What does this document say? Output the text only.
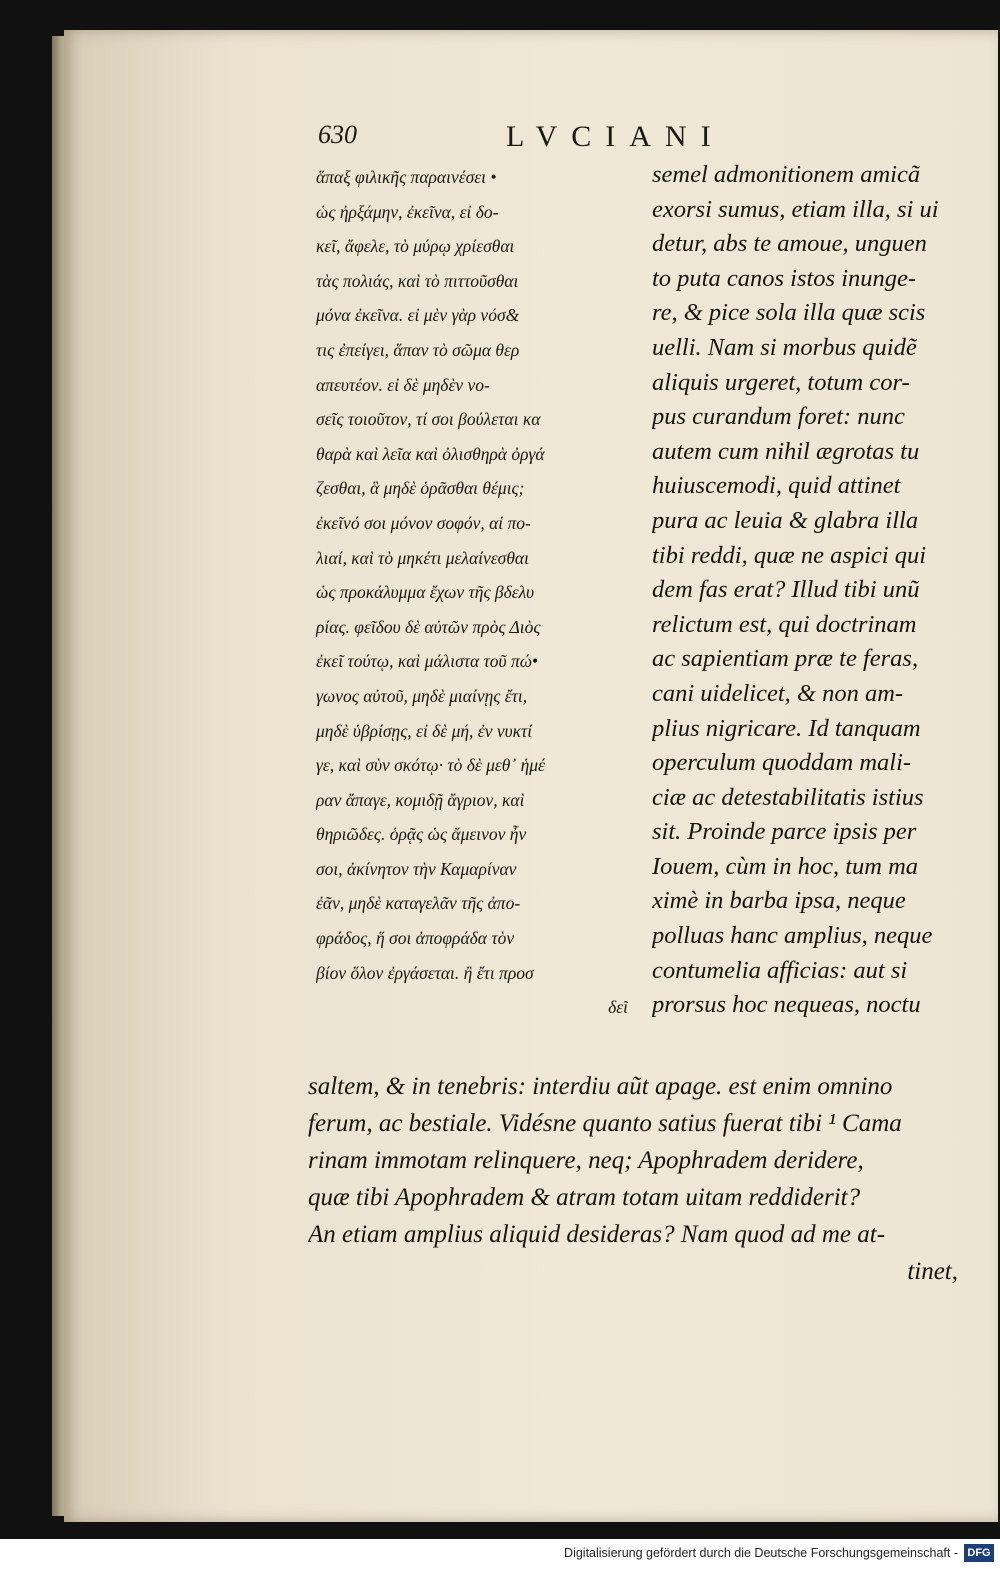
630	LVCIANI
ἅπαξ φιλικῆς παραινέσει •
ὡς ἠρξάμην, ἐκεῖνα, εἰ δο-
κεῖ, ἄφελε, τὸ μύρῳ χρίεσθαι
τὰς πολιάς, καὶ τὸ πιττοῦσθαι
μόνα ἐκεῖνα. εἰ μὲν γὰρ νόσ&
τις ἐπείγει, ἅπαν τὸ σῶμα θερ
απευτέον. εἰ δὲ μηδὲν νο-
σεῖς τοιοῦτον, τί σοι βούλεται κα
θαρὰ καὶ λεῖα καὶ ὀλισθηρὰ ὀργά
ζεσθαι, ἃ μηδὲ ὁρᾶσθαι θέμις;
ἐκεῖνό σοι μόνον σοφόν, αἱ πο-
λιαί, καὶ τὸ μηκέτι μελαίνεσθαι
ὡς προκάλυμμα ἔχων τῆς βδελυ
ρίας. φεῖδου δὲ αὐτῶν πρὸς Διὸς
ἐκεῖ τούτῳ, καὶ μάλιστα τοῦ πώ•
γωνος αὐτοῦ, μηδὲ μιαίνῃς ἔτι,
μηδὲ ὑβρίσῃς, εἰ δὲ μή, ἐν νυκτί
γε, καὶ σὺν σκότῳ· τὸ δὲ μεθ᾽ ἡμέ
ραν ἄπαγε, κομιδῇ ἄγριον, καὶ
θηριῶδες. ὁρᾷς ὡς ἄμεινον ἦν
σοι, ἀκίνητον τὴν Καμαρίναν
ἐᾶν, μηδὲ καταγελᾶν τῆς ἀπο-
φράδος, ἥ σοι ἀποφράδα τὸν
βίον ὅλον ἐργάσεται. ἢ ἔτι προσ
δεῖ
semel admonitionem amicã
exorsi sumus, etiam illa, si ui
detur, abs te amoue, unguen
to puta canos istos inunge-
re, & pice sola illa quæ scis
uelli. Nam si morbus quidẽ
aliquis urgeret, totum cor-
pus curandum foret: nunc
autem cum nihil ægrotas tu
huiuscemodi, quid attinet
pura ac leuia & glabra illa
tibi reddi, quæ ne aspici qui
dem fas erat? Illud tibi unũ
relictum est, qui doctrinam
ac sapientiam præ te feras,
cani uidelicet, & non am-
plius nigricare. Id tanquam
operculum quoddam mali-
ciæ ac detestabilitatis istius
sit. Proinde parce ipsis per
Iouem, cùm in hoc, tum ma
ximè in barba ipsa, neque
polluas hanc amplius, neque
contumelia afficias: aut si
prorsus hoc nequeas, noctu
saltem, & in tenebris: interdiu aũt apage. est enim omnino
ferum, ac bestiale. Vidésne quanto satius fuerat tibi ¹ Cama
rinam immotam relinquere, neq; Apophradem deridere,
quæ tibi Apophradem & atram totam uitam reddiderit?
An etiam amplius aliquid desideras? Nam quod ad me at-
tinet,
Digitalisierung gefördert durch die Deutsche Forschungsgemeinschaft - DFG
